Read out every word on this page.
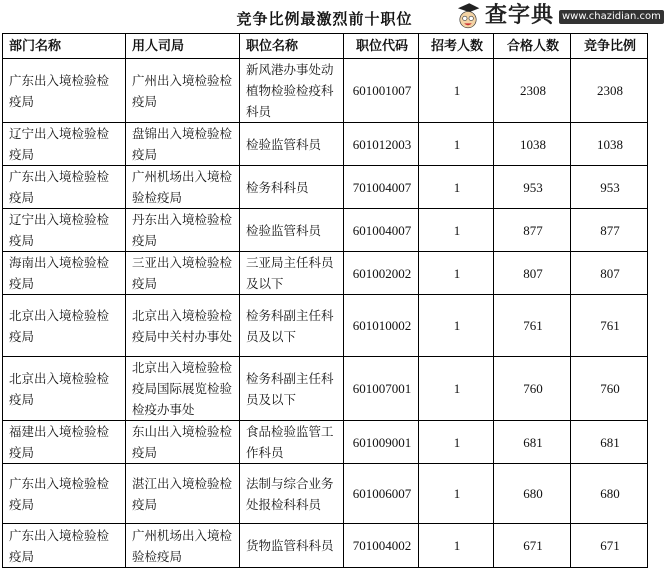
竞争比例最激烈前十职位	查字典 www.chazidian.com
部门名称	用人司局	职位名称	职位代码	招考人数	合格人数	竞争比例
广东出入境检验检疫局	广州出入境检验检疫局	新风港办事处动植物检验检疫科科员	601001007	1	2308	2308
辽宁出入境检验检疫局	盘锦出入境检验检疫局	检验监管科员	601012003	1	1038	1038
广东出入境检验检疫局	广州机场出入境检验检疫局	检务科科员	701004007	1	953	953
辽宁出入境检验检疫局	丹东出入境检验检疫局	检验监管科员	601004007	1	877	877
海南出入境检验检疫局	三亚出入境检验检疫局	三亚局主任科员及以下	601002002	1	807	807
北京出入境检验检疫局	北京出入境检验检疫局中关村办事处	检务科副主任科员及以下	601010002	1	761	761
北京出入境检验检疫局	北京出入境检验检疫局国际展览检验检疫办事处	检务科副主任科员及以下	601007001	1	760	760
福建出入境检验检疫局	东山出入境检验检疫局	食品检验监管工作科员	601009001	1	681	681
广东出入境检验检疫局	湛江出入境检验检疫局	法制与综合业务处报检科科员	601006007	1	680	680
广东出入境检验检疫局	广州机场出入境检验检疫局	货物监管科科员	701004002	1	671	671
